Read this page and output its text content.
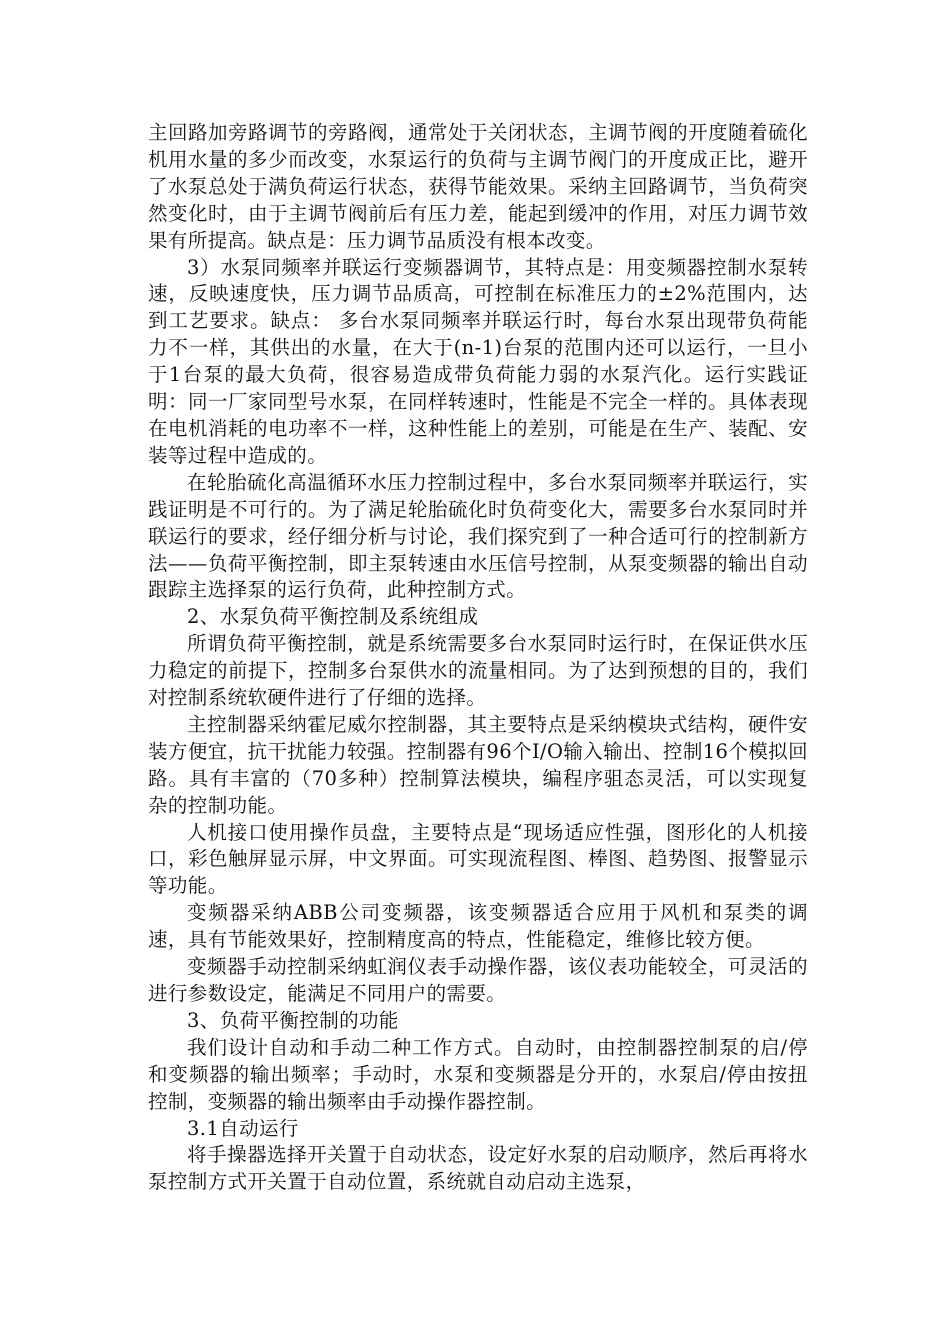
主回路加旁路调节的旁路阀，通常处于关闭状态，主调节阀的开度随着硫化机用水量的多少而改变，水泵运行的负荷与主调节阀门的开度成正比，避开了水泵总处于满负荷运行状态，获得节能效果。采纳主回路调节，当负荷突然变化时，由于主调节阀前后有压力差，能起到缓冲的作用，对压力调节效果有所提高。缺点是：压力调节品质没有根本改变。

3）水泵同频率并联运行变频器调节，其特点是：用变频器控制水泵转速，反映速度快，压力调节品质高，可控制在标准压力的±2%范围内，达到工艺要求。缺点： 多台水泵同频率并联运行时，每台水泵出现带负荷能力不一样，其供出的水量，在大于(n-1)台泵的范围内还可以运行，一旦小于1台泵的最大负荷，很容易造成带负荷能力弱的水泵汽化。运行实践证明：同一厂家同型号水泵，在同样转速时，性能是不完全一样的。具体表现在电机消耗的电功率不一样，这种性能上的差别，可能是在生产、装配、安装等过程中造成的。

在轮胎硫化高温循环水压力控制过程中，多台水泵同频率并联运行，实践证明是不可行的。为了满足轮胎硫化时负荷变化大，需要多台水泵同时并联运行的要求，经仔细分析与讨论，我们探究到了一种合适可行的控制新方法——负荷平衡控制，即主泵转速由水压信号控制，从泵变频器的输出自动跟踪主选择泵的运行负荷，此种控制方式。

2、水泵负荷平衡控制及系统组成

所谓负荷平衡控制，就是系统需要多台水泵同时运行时，在保证供水压力稳定的前提下，控制多台泵供水的流量相同。为了达到预想的目的，我们对控制系统软硬件进行了仔细的选择。

主控制器采纳霍尼威尔控制器，其主要特点是采纳模块式结构，硬件安装方便宜，抗干扰能力较强。控制器有96个I/O输入输出、控制16个模拟回路。具有丰富的（70多种）控制算法模块，编程序驵态灵活，可以实现复杂的控制功能。

人机接口使用操作员盘，主要特点是“现场适应性强，图形化的人机接口，彩色触屏显示屏，中文界面。可实现流程图、棒图、趋势图、报警显示等功能。

变频器采纳ABB公司变频器，该变频器适合应用于风机和泵类的调速，具有节能效果好，控制精度高的特点，性能稳定，维修比较方便。

变频器手动控制采纳虹润仪表手动操作器，该仪表功能较全，可灵活的进行参数设定，能满足不同用户的需要。

3、负荷平衡控制的功能

我们设计自动和手动二种工作方式。自动时，由控制器控制泵的启/停和变频器的输出频率；手动时，水泵和变频器是分开的，水泵启/停由按扭控制，变频器的输出频率由手动操作器控制。

3.1自动运行

将手操器选择开关置于自动状态，设定好水泵的启动顺序，然后再将水泵控制方式开关置于自动位置，系统就自动启动主选泵，
